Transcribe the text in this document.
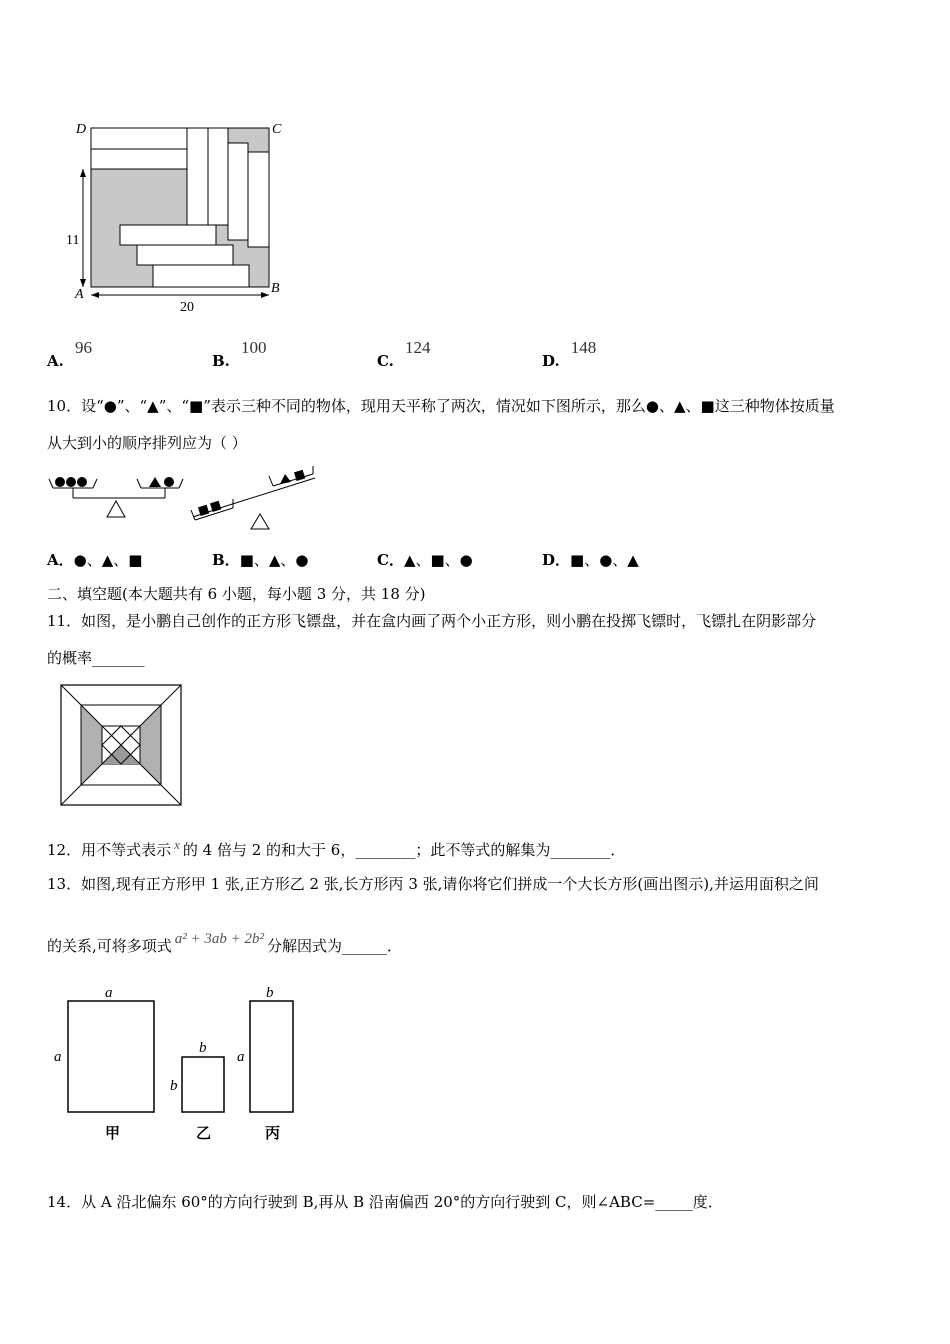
D	C
A	B
11
20
A. 96
B. 100
C. 124
D. 148
10．设“●”、“▲”、“■”表示三种不同的物体，现用天平称了两次，情况如下图所示，那么●、▲、■这三种物体按质量
从大到小的顺序排列应为（ ）
A．●、▲、■	B．■、▲、●	C．▲、■、●	D．■、●、▲
二、填空题(本大题共有 6 小题，每小题 3 分，共 18 分)
11．如图，是小鹏自己创作的正方形飞镖盘，并在盒内画了两个小正方形，则小鹏在投掷飞镖时，飞镖扎在阴影部分
的概率_______
12．用不等式表示 x 的 4 倍与 2 的和大于 6，________；此不等式的解集为________．
13．如图,现有正方形甲 1 张,正方形乙 2 张,长方形丙 3 张,请你将它们拼成一个大长方形(画出图示),并运用面积之间
的关系,可将多项式 a² + 3ab + 2b² 分解因式为______．
a
a
甲
b
b
乙
b
a
丙
14．从 A 沿北偏东 60°的方向行驶到 B,再从 B 沿南偏西 20°的方向行驶到 C，则∠ABC=_____度．
